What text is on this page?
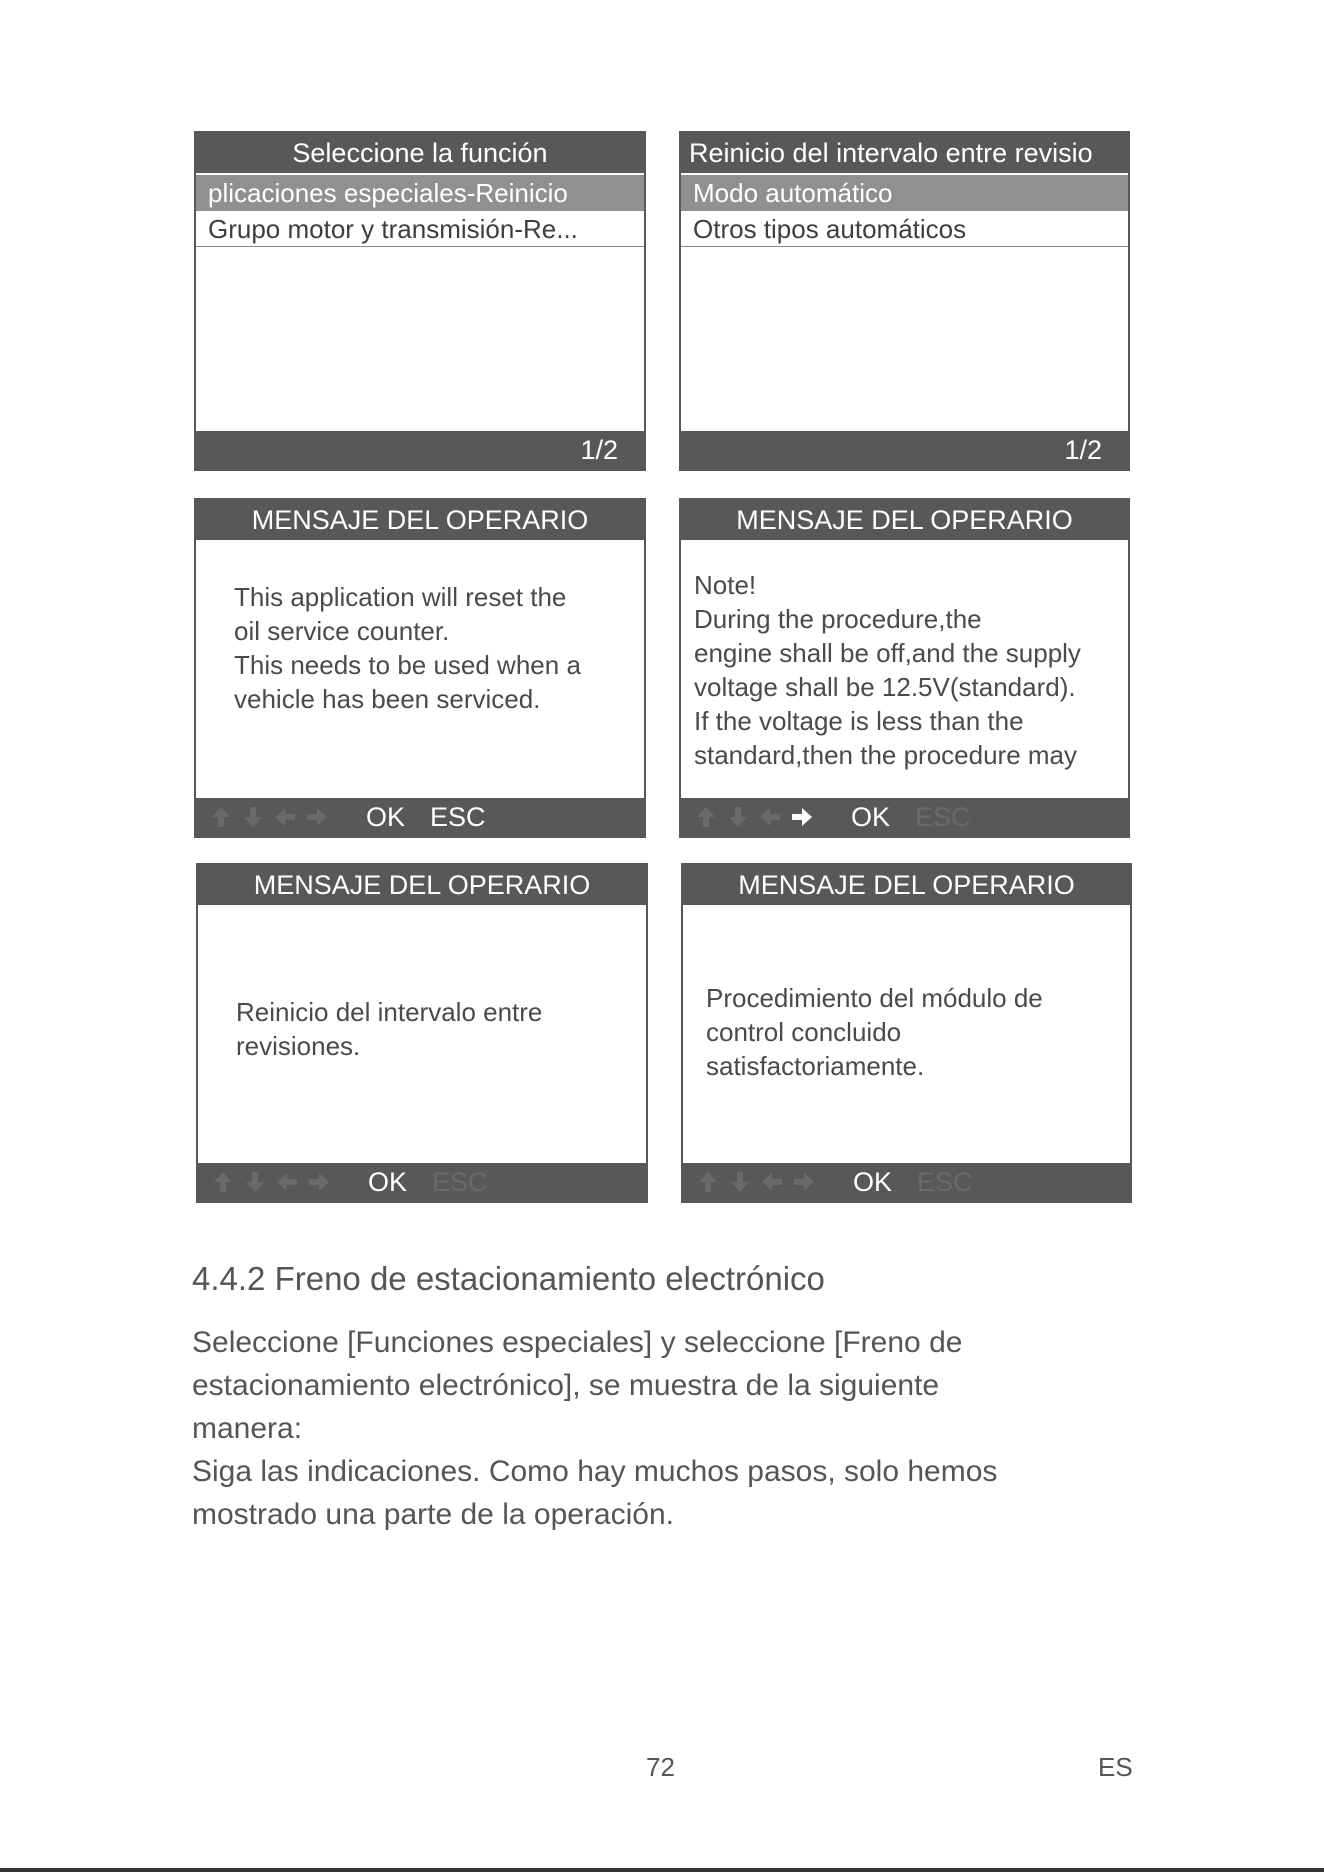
Seleccione la función
plicaciones especiales-Reinicio
Grupo motor y transmisión-Re...
1/2
Reinicio del intervalo entre revisio
Modo automático
Otros tipos automáticos
1/2
MENSAJE DEL OPERARIO
This application will reset the
oil service counter.
This needs to be used when a
vehicle has been serviced.
OK ESC
MENSAJE DEL OPERARIO
Note!
During the procedure,the
engine shall be off,and the supply
voltage shall be 12.5V(standard).
If the voltage is less than the
standard,then the procedure may
OK ESC
MENSAJE DEL OPERARIO
Reinicio del intervalo entre
revisiones.
OK ESC
MENSAJE DEL OPERARIO
Procedimiento del módulo de
control concluido
satisfactoriamente.
OK ESC
4.4.2 Freno de estacionamiento electrónico
Seleccione [Funciones especiales] y seleccione [Freno de
estacionamiento electrónico], se muestra de la siguiente
manera:
Siga las indicaciones. Como hay muchos pasos, solo hemos
mostrado una parte de la operación.
72	ES
